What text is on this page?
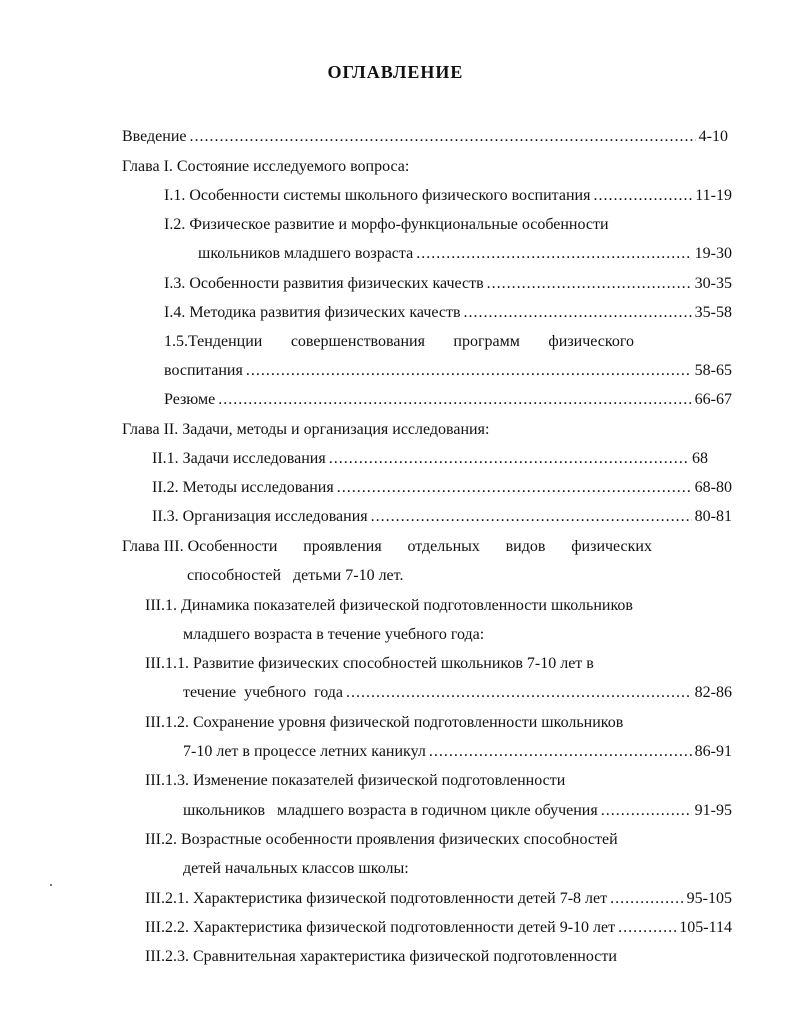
ОГЛАВЛЕНИЕ
Введение .....	4-10
Глава I. Состояние исследуемого вопроса:
I.1. Особенности системы школьного физического воспитания .....	11-19
I.2. Физическое развитие и морфо-функциональные особенности
школьников младшего возраста .....	19-30
I.3. Особенности развития физических качеств .....	30-35
I.4. Методика развития физических качеств .....	35-58
1.5.Тенденции совершенствования программ физического
воспитания .....	58-65
Резюме .....	66-67
Глава II. Задачи, методы и организация исследования:
II.1. Задачи исследования .....	68
II.2. Методы исследования .....	68-80
II.3. Организация исследования .....	80-81
Глава III. Особенности проявления отдельных видов физических
способностей   детьми 7-10 лет.
III.1. Динамика показателей физической подготовленности школьников
младшего возраста в течение учебного года:
III.1.1. Развитие физических способностей школьников 7-10 лет в
течение  учебного  года .....	82-86
III.1.2. Сохранение уровня физической подготовленности школьников
7-10 лет в процессе летних каникул .....	86-91
III.1.3. Изменение показателей физической подготовленности
школьников   младшего возраста в годичном цикле обучения .....	91-95
III.2. Возрастные особенности проявления физических способностей
детей начальных классов школы:
III.2.1. Характеристика физической подготовленности детей 7-8 лет .....	95-105
III.2.2. Характеристика физической подготовленности детей 9-10 лет .....	105-114
III.2.3. Сравнительная характеристика физической подготовленности
